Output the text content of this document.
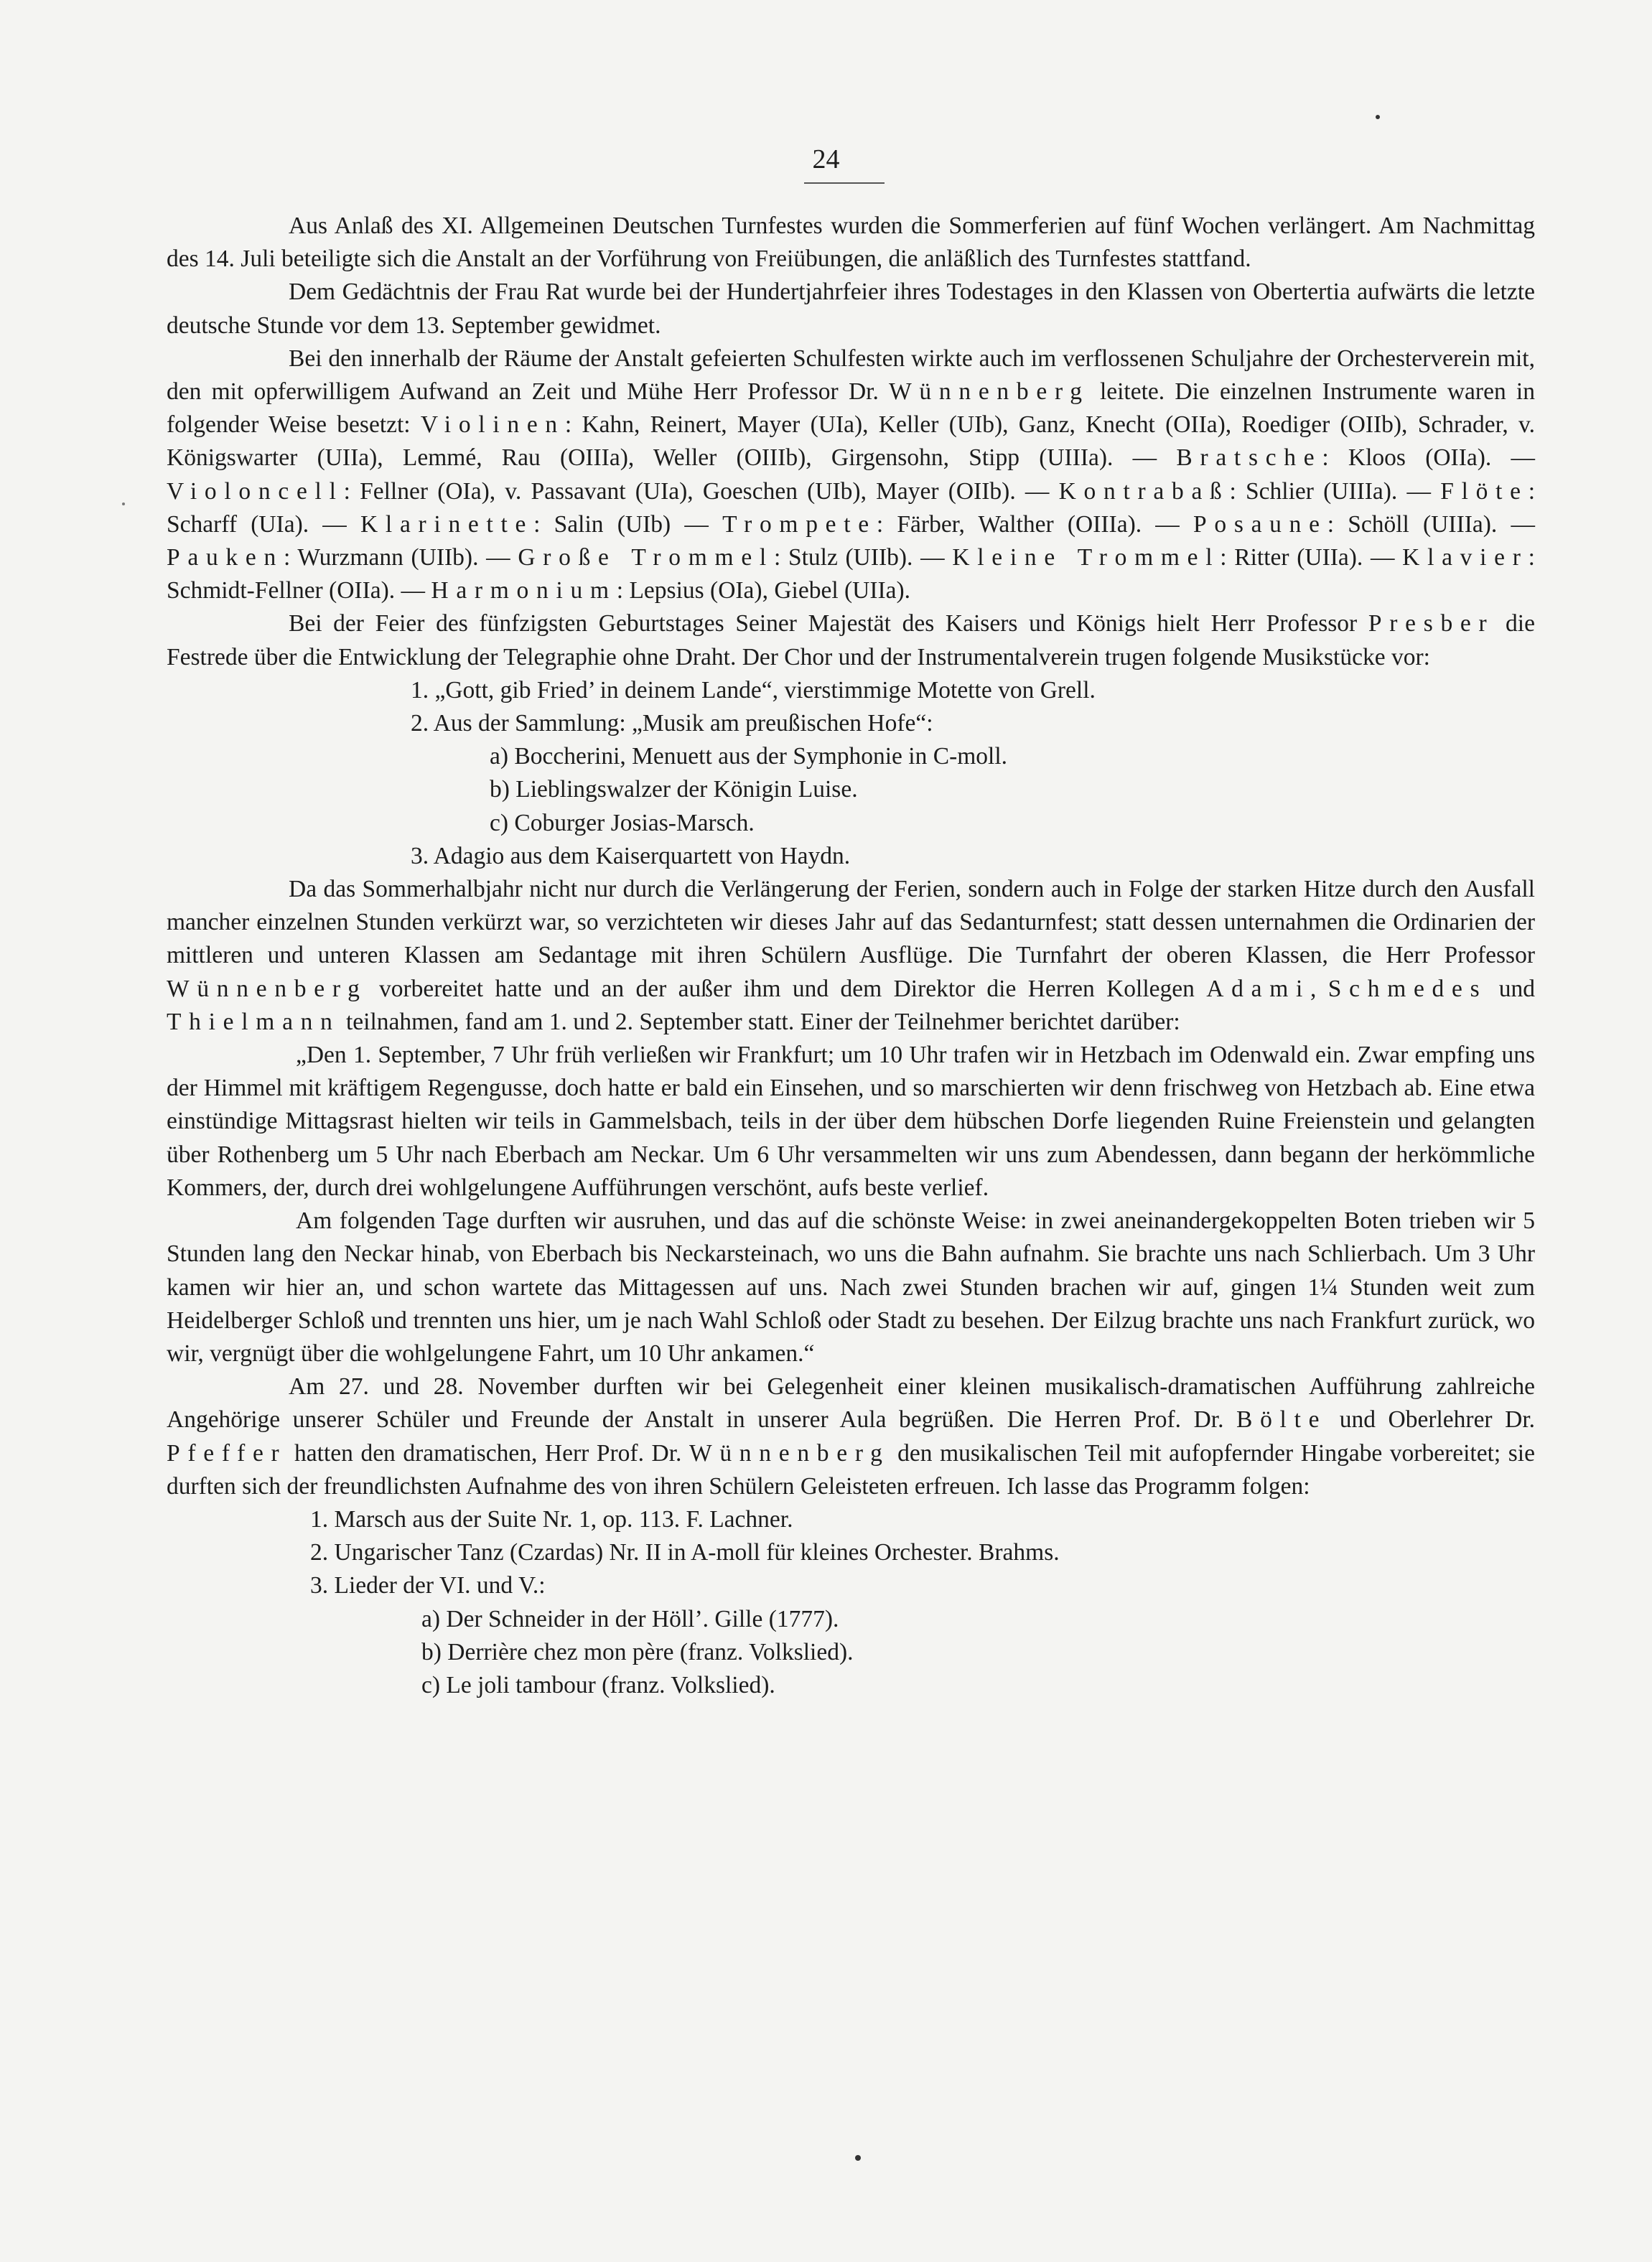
24

Aus Anlaß des XI. Allgemeinen Deutschen Turnfestes wurden die Sommerferien auf fünf Wochen verlängert. Am Nachmittag des 14. Juli beteiligte sich die Anstalt an der Vorführung von Freiübungen, die anläßlich des Turnfestes stattfand.

Dem Gedächtnis der Frau Rat wurde bei der Hundertjahrfeier ihres Todestages in den Klassen von Obertertia aufwärts die letzte deutsche Stunde vor dem 13. September gewidmet.

Bei den innerhalb der Räume der Anstalt gefeierten Schulfesten wirkte auch im verflossenen Schuljahre der Orchesterverein mit, den mit opferwilligem Aufwand an Zeit und Mühe Herr Professor Dr. Wünnenberg leitete. Die einzelnen Instrumente waren in folgender Weise besetzt: Violinen: Kahn, Reinert, Mayer (UIa), Keller (UIb), Ganz, Knecht (OIIa), Roediger (OIIb), Schrader, v. Königswarter (UIIa), Lemmé, Rau (OIIIa), Weller (OIIIb), Girgensohn, Stipp (UIIIa). — Bratsche: Kloos (OIIa). — Violoncell: Fellner (OIa), v. Passavant (UIa), Goeschen (UIb), Mayer (OIIb). — Kontrabaß: Schlier (UIIIa). — Flöte: Scharff (UIa). — Klarinette: Salin (UIb) — Trompete: Färber, Walther (OIIIa). — Posaune: Schöll (UIIIa). — Pauken: Wurzmann (UIIb). — Große Trommel: Stulz (UIIb). — Kleine Trommel: Ritter (UIIa). — Klavier: Schmidt-Fellner (OIIa). — Harmonium: Lepsius (OIa), Giebel (UIIa).

Bei der Feier des fünfzigsten Geburtstages Seiner Majestät des Kaisers und Königs hielt Herr Professor Presber die Festrede über die Entwicklung der Telegraphie ohne Draht. Der Chor und der Instrumentalverein trugen folgende Musikstücke vor:

1. „Gott, gib Fried’ in deinem Lande“, vierstimmige Motette von Grell.
2. Aus der Sammlung: „Musik am preußischen Hofe“:
a) Boccherini, Menuett aus der Symphonie in C-moll.
b) Lieblingswalzer der Königin Luise.
c) Coburger Josias-Marsch.
3. Adagio aus dem Kaiserquartett von Haydn.

Da das Sommerhalbjahr nicht nur durch die Verlängerung der Ferien, sondern auch in Folge der starken Hitze durch den Ausfall mancher einzelnen Stunden verkürzt war, so verzichteten wir dieses Jahr auf das Sedanturnfest; statt dessen unternahmen die Ordinarien der mittleren und unteren Klassen am Sedantage mit ihren Schülern Ausflüge. Die Turnfahrt der oberen Klassen, die Herr Professor Wünnenberg vorbereitet hatte und an der außer ihm und dem Direktor die Herren Kollegen Adami, Schmedes und Thielmann teilnahmen, fand am 1. und 2. September statt. Einer der Teilnehmer berichtet darüber:

„Den 1. September, 7 Uhr früh verließen wir Frankfurt; um 10 Uhr trafen wir in Hetzbach im Odenwald ein. Zwar empfing uns der Himmel mit kräftigem Regengusse, doch hatte er bald ein Einsehen, und so marschierten wir denn frischweg von Hetzbach ab. Eine etwa einstündige Mittagsrast hielten wir teils in Gammelsbach, teils in der über dem hübschen Dorfe liegenden Ruine Freienstein und gelangten über Rothenberg um 5 Uhr nach Eberbach am Neckar. Um 6 Uhr versammelten wir uns zum Abendessen, dann begann der herkömmliche Kommers, der, durch drei wohlgelungene Aufführungen verschönt, aufs beste verlief.

Am folgenden Tage durften wir ausruhen, und das auf die schönste Weise: in zwei aneinandergekoppelten Boten trieben wir 5 Stunden lang den Neckar hinab, von Eberbach bis Neckarsteinach, wo uns die Bahn aufnahm. Sie brachte uns nach Schlierbach. Um 3 Uhr kamen wir hier an, und schon wartete das Mittagessen auf uns. Nach zwei Stunden brachen wir auf, gingen 1¼ Stunden weit zum Heidelberger Schloß und trennten uns hier, um je nach Wahl Schloß oder Stadt zu besehen. Der Eilzug brachte uns nach Frankfurt zurück, wo wir, vergnügt über die wohlgelungene Fahrt, um 10 Uhr ankamen.“

Am 27. und 28. November durften wir bei Gelegenheit einer kleinen musikalisch-dramatischen Aufführung zahlreiche Angehörige unserer Schüler und Freunde der Anstalt in unserer Aula begrüßen. Die Herren Prof. Dr. Bölte und Oberlehrer Dr. Pfeffer hatten den dramatischen, Herr Prof. Dr. Wünnenberg den musikalischen Teil mit aufopfernder Hingabe vorbereitet; sie durften sich der freundlichsten Aufnahme des von ihren Schülern Geleisteten erfreuen. Ich lasse das Programm folgen:

1. Marsch aus der Suite Nr. 1, op. 113. F. Lachner.
2. Ungarischer Tanz (Czardas) Nr. II in A-moll für kleines Orchester. Brahms.
3. Lieder der VI. und V.:
a) Der Schneider in der Höll’. Gille (1777).
b) Derrière chez mon père (franz. Volkslied).
c) Le joli tambour (franz. Volkslied).
